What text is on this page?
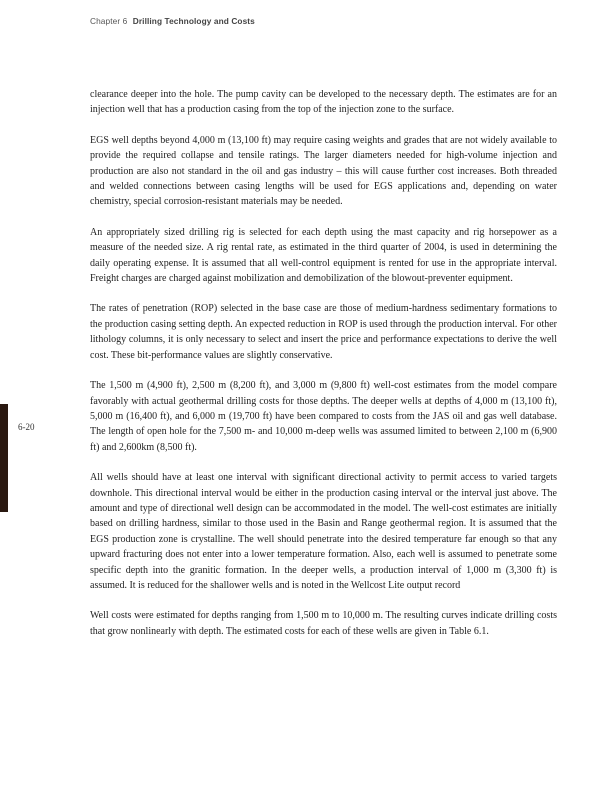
Chapter 6 Drilling Technology and Costs
6-20

clearance deeper into the hole. The pump cavity can be developed to the necessary depth. The estimates are for an injection well that has a production casing from the top of the injection zone to the surface.

EGS well depths beyond 4,000 m (13,100 ft) may require casing weights and grades that are not widely available to provide the required collapse and tensile ratings. The larger diameters needed for high-volume injection and production are also not standard in the oil and gas industry – this will cause further cost increases. Both threaded and welded connections between casing lengths will be used for EGS applications and, depending on water chemistry, special corrosion-resistant materials may be needed.

An appropriately sized drilling rig is selected for each depth using the mast capacity and rig horsepower as a measure of the needed size. A rig rental rate, as estimated in the third quarter of 2004, is used in determining the daily operating expense. It is assumed that all well-control equipment is rented for use in the appropriate interval. Freight charges are charged against mobilization and demobilization of the blowout-preventer equipment.

The rates of penetration (ROP) selected in the base case are those of medium-hardness sedimentary formations to the production casing setting depth. An expected reduction in ROP is used through the production interval. For other lithology columns, it is only necessary to select and insert the price and performance expectations to derive the well cost. These bit-performance values are slightly conservative.

The 1,500 m (4,900 ft), 2,500 m (8,200 ft), and 3,000 m (9,800 ft) well-cost estimates from the model compare favorably with actual geothermal drilling costs for those depths. The deeper wells at depths of 4,000 m (13,100 ft), 5,000 m (16,400 ft), and 6,000 m (19,700 ft) have been compared to costs from the JAS oil and gas well database. The length of open hole for the 7,500 m- and 10,000 m-deep wells was assumed limited to between 2,100 m (6,900 ft) and 2,600km (8,500 ft).

All wells should have at least one interval with significant directional activity to permit access to varied targets downhole. This directional interval would be either in the production casing interval or the interval just above. The amount and type of directional well design can be accommodated in the model. The well-cost estimates are initially based on drilling hardness, similar to those used in the Basin and Range geothermal region. It is assumed that the EGS production zone is crystalline. The well should penetrate into the desired temperature far enough so that any upward fracturing does not enter into a lower temperature formation. Also, each well is assumed to penetrate some specific depth into the granitic formation. In the deeper wells, a production interval of 1,000 m (3,300 ft) is assumed. It is reduced for the shallower wells and is noted in the Wellcost Lite output record

Well costs were estimated for depths ranging from 1,500 m to 10,000 m. The resulting curves indicate drilling costs that grow nonlinearly with depth. The estimated costs for each of these wells are given in Table 6.1.
